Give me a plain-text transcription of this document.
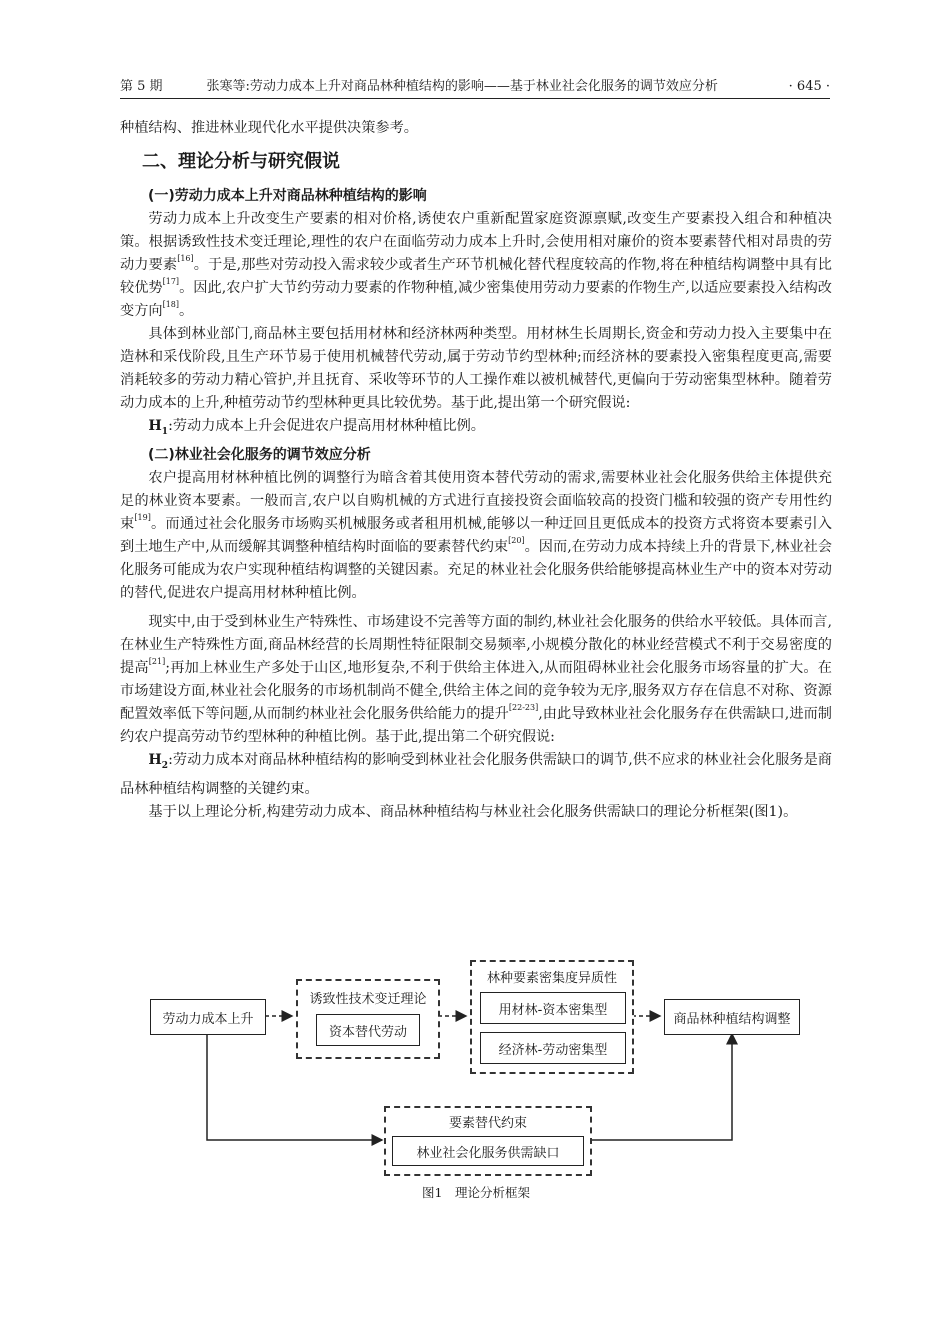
第 5 期	张寒等:劳动力成本上升对商品林种植结构的影响——基于林业社会化服务的调节效应分析	· 645 ·

种植结构、推进林业现代化水平提供决策参考。

二、理论分析与研究假说
(一)劳动力成本上升对商品林种植结构的影响

劳动力成本上升改变生产要素的相对价格,诱使农户重新配置家庭资源禀赋,改变生产要素投入组合和种植决策。根据诱致性技术变迁理论,理性的农户在面临劳动力成本上升时,会使用相对廉价的资本要素替代相对昂贵的劳动力要素[16]。于是,那些对劳动投入需求较少或者生产环节机械化替代程度较高的作物,将在种植结构调整中具有比较优势[17]。因此,农户扩大节约劳动力要素的作物种植,减少密集使用劳动力要素的作物生产,以适应要素投入结构改变方向[18]。

具体到林业部门,商品林主要包括用材林和经济林两种类型。用材林生长周期长,资金和劳动力投入主要集中在造林和采伐阶段,且生产环节易于使用机械替代劳动,属于劳动节约型林种;而经济林的要素投入密集程度更高,需要消耗较多的劳动力精心管护,并且抚育、采收等环节的人工操作难以被机械替代,更偏向于劳动密集型林种。随着劳动力成本的上升,种植劳动节约型林种更具比较优势。基于此,提出第一个研究假说:

$H_1$:劳动力成本上升会促进农户提高用材林种植比例。

(二)林业社会化服务的调节效应分析

农户提高用材林种植比例的调整行为暗含着其使用资本替代劳动的需求,需要林业社会化服务供给主体提供充足的林业资本要素。一般而言,农户以自购机械的方式进行直接投资会面临较高的投资门槛和较强的资产专用性约束[19]。而通过社会化服务市场购买机械服务或者租用机械,能够以一种迂回且更低成本的投资方式将资本要素引入到土地生产中,从而缓解其调整种植结构时面临的要素替代约束[20]。因而,在劳动力成本持续上升的背景下,林业社会化服务可能成为农户实现种植结构调整的关键因素。充足的林业社会化服务供给能够提高林业生产中的资本对劳动的替代,促进农户提高用材林种植比例。

现实中,由于受到林业生产特殊性、市场建设不完善等方面的制约,林业社会化服务的供给水平较低。具体而言,在林业生产特殊性方面,商品林经营的长周期性特征限制交易频率,小规模分散化的林业经营模式不利于交易密度的提高[21];再加上林业生产多处于山区,地形复杂,不利于供给主体进入,从而阻碍林业社会化服务市场容量的扩大。在市场建设方面,林业社会化服务的市场机制尚不健全,供给主体之间的竞争较为无序,服务双方存在信息不对称、资源配置效率低下等问题,从而制约林业社会化服务供给能力的提升[22-23],由此导致林业社会化服务存在供需缺口,进而制约农户提高劳动节约型林种的种植比例。基于此,提出第二个研究假说:

$H_2$:劳动力成本对商品林种植结构的影响受到林业社会化服务供需缺口的调节,供不应求的林业社会化服务是商品林种植结构调整的关键约束。

基于以上理论分析,构建劳动力成本、商品林种植结构与林业社会化服务供需缺口的理论分析框架(图1)。

劳动力成本上升
诱致性技术变迁理论
资本替代劳动
林种要素密集度异质性
用材林-资本密集型
经济林-劳动密集型
商品林种植结构调整
要素替代约束
林业社会化服务供需缺口
图1　理论分析框架
